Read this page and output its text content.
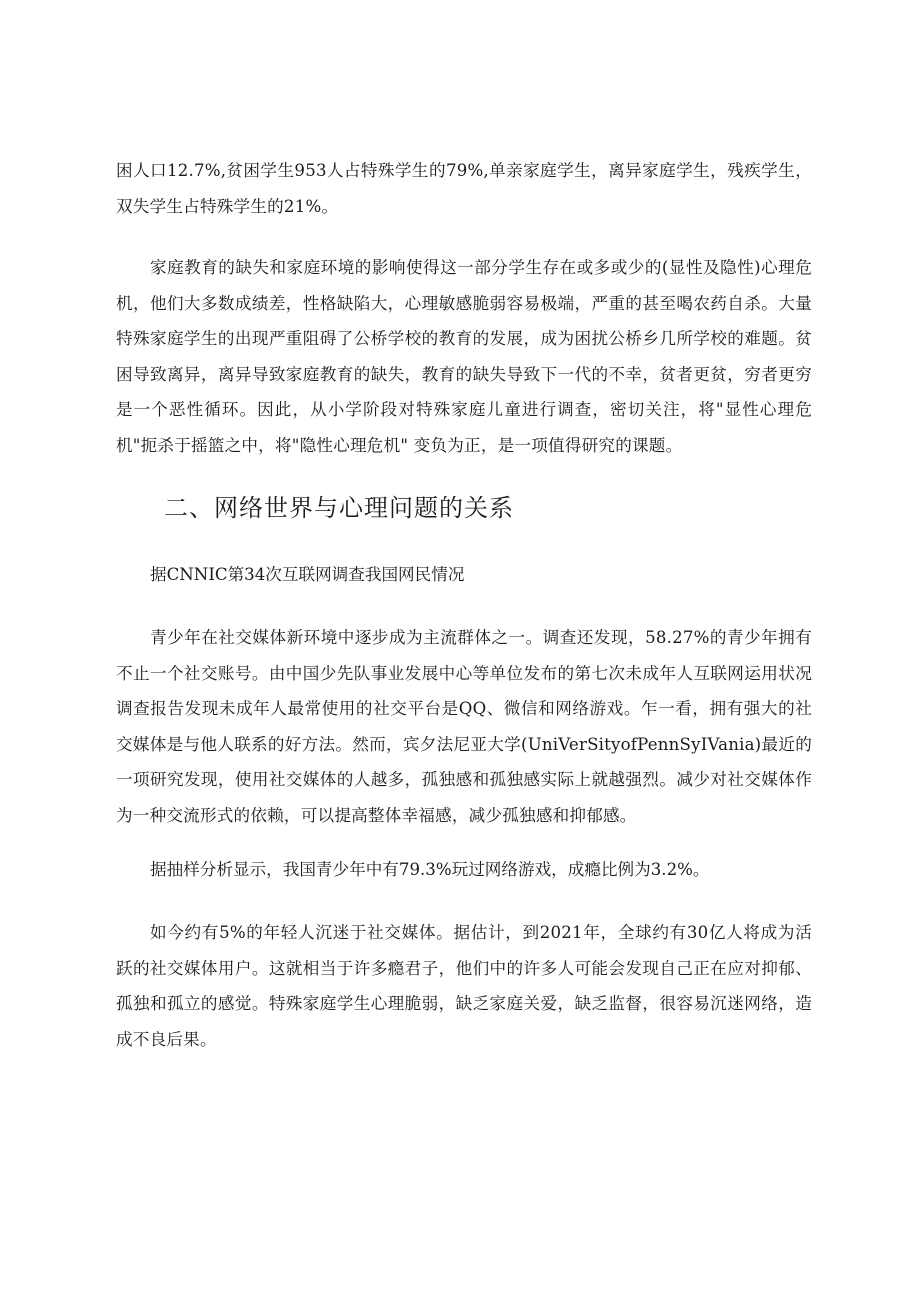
困人口12.7%,贫困学生953人占特殊学生的79%,单亲家庭学生，离异家庭学生，残疾学生，双失学生占特殊学生的21%。

家庭教育的缺失和家庭环境的影响使得这一部分学生存在或多或少的(显性及隐性)心理危机，他们大多数成绩差，性格缺陷大，心理敏感脆弱容易极端，严重的甚至喝农药自杀。大量特殊家庭学生的出现严重阻碍了公桥学校的教育的发展，成为困扰公桥乡几所学校的难题。贫困导致离异，离异导致家庭教育的缺失，教育的缺失导致下一代的不幸，贫者更贫，穷者更穷是一个恶性循环。因此，从小学阶段对特殊家庭儿童进行调查，密切关注，将"显性心理危机"扼杀于摇篮之中，将"隐性心理危机" 变负为正，是一项值得研究的课题。

二、网络世界与心理问题的关系

据CNNIC第34次互联网调查我国网民情况

青少年在社交媒体新环境中逐步成为主流群体之一。调查还发现，58.27%的青少年拥有不止一个社交账号。由中国少先队事业发展中心等单位发布的第七次未成年人互联网运用状况调查报告发现未成年人最常使用的社交平台是QQ、微信和网络游戏。乍一看，拥有强大的社交媒体是与他人联系的好方法。然而，宾夕法尼亚大学(UniVerSityofPennSyIVania)最近的一项研究发现，使用社交媒体的人越多，孤独感和孤独感实际上就越强烈。减少对社交媒体作为一种交流形式的依赖，可以提高整体幸福感，减少孤独感和抑郁感。

据抽样分析显示，我国青少年中有79.3%玩过网络游戏，成瘾比例为3.2%。

如今约有5%的年轻人沉迷于社交媒体。据估计，到2021年，全球约有30亿人将成为活跃的社交媒体用户。这就相当于许多瘾君子，他们中的许多人可能会发现自己正在应对抑郁、孤独和孤立的感觉。特殊家庭学生心理脆弱，缺乏家庭关爱，缺乏监督，很容易沉迷网络，造成不良后果。
